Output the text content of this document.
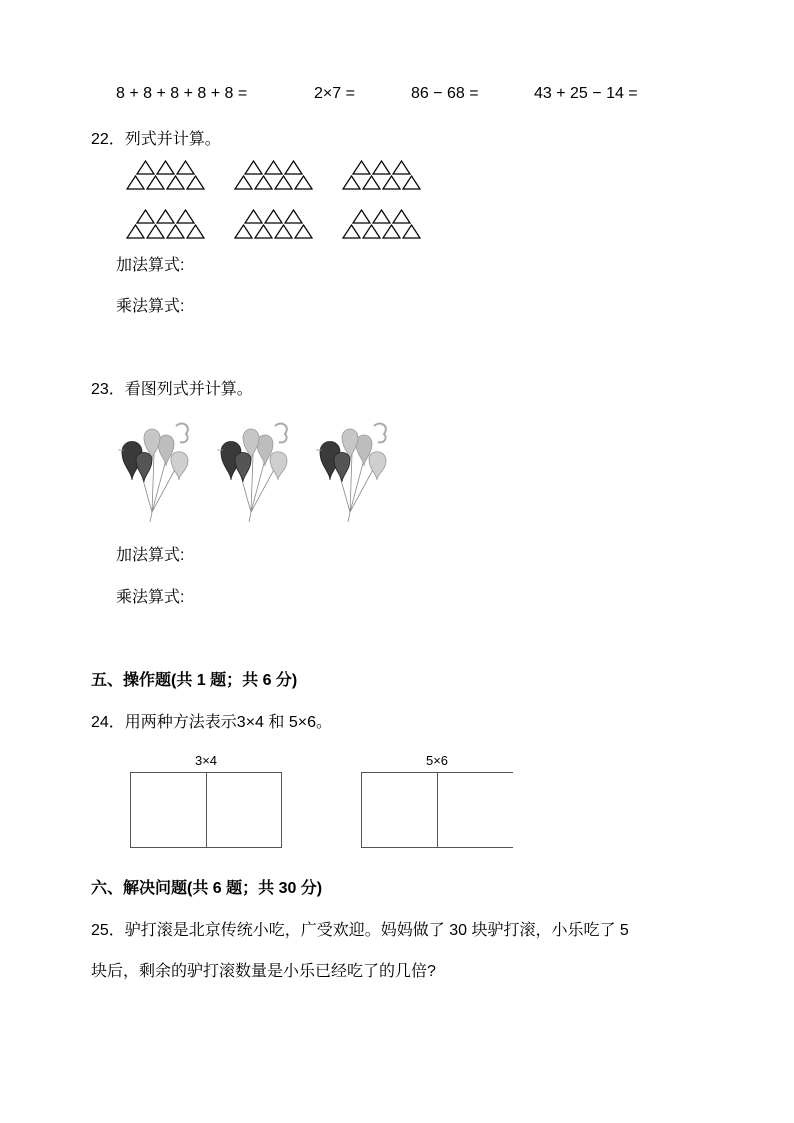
8 + 8 + 8 + 8 + 8 =	2×7 =	86 − 68 =	43 + 25 − 14 =
22．列式并计算。
加法算式:
乘法算式:
23．看图列式并计算。
加法算式:
乘法算式:
五、操作题(共 1 题；共 6 分)
24．用两种方法表示3×4 和 5×6。
3×4	5×6
六、解决问题(共 6 题；共 30 分)
25．驴打滚是北京传统小吃，广受欢迎。妈妈做了 30 块驴打滚，小乐吃了 5
块后，剩余的驴打滚数量是小乐已经吃了的几倍?
